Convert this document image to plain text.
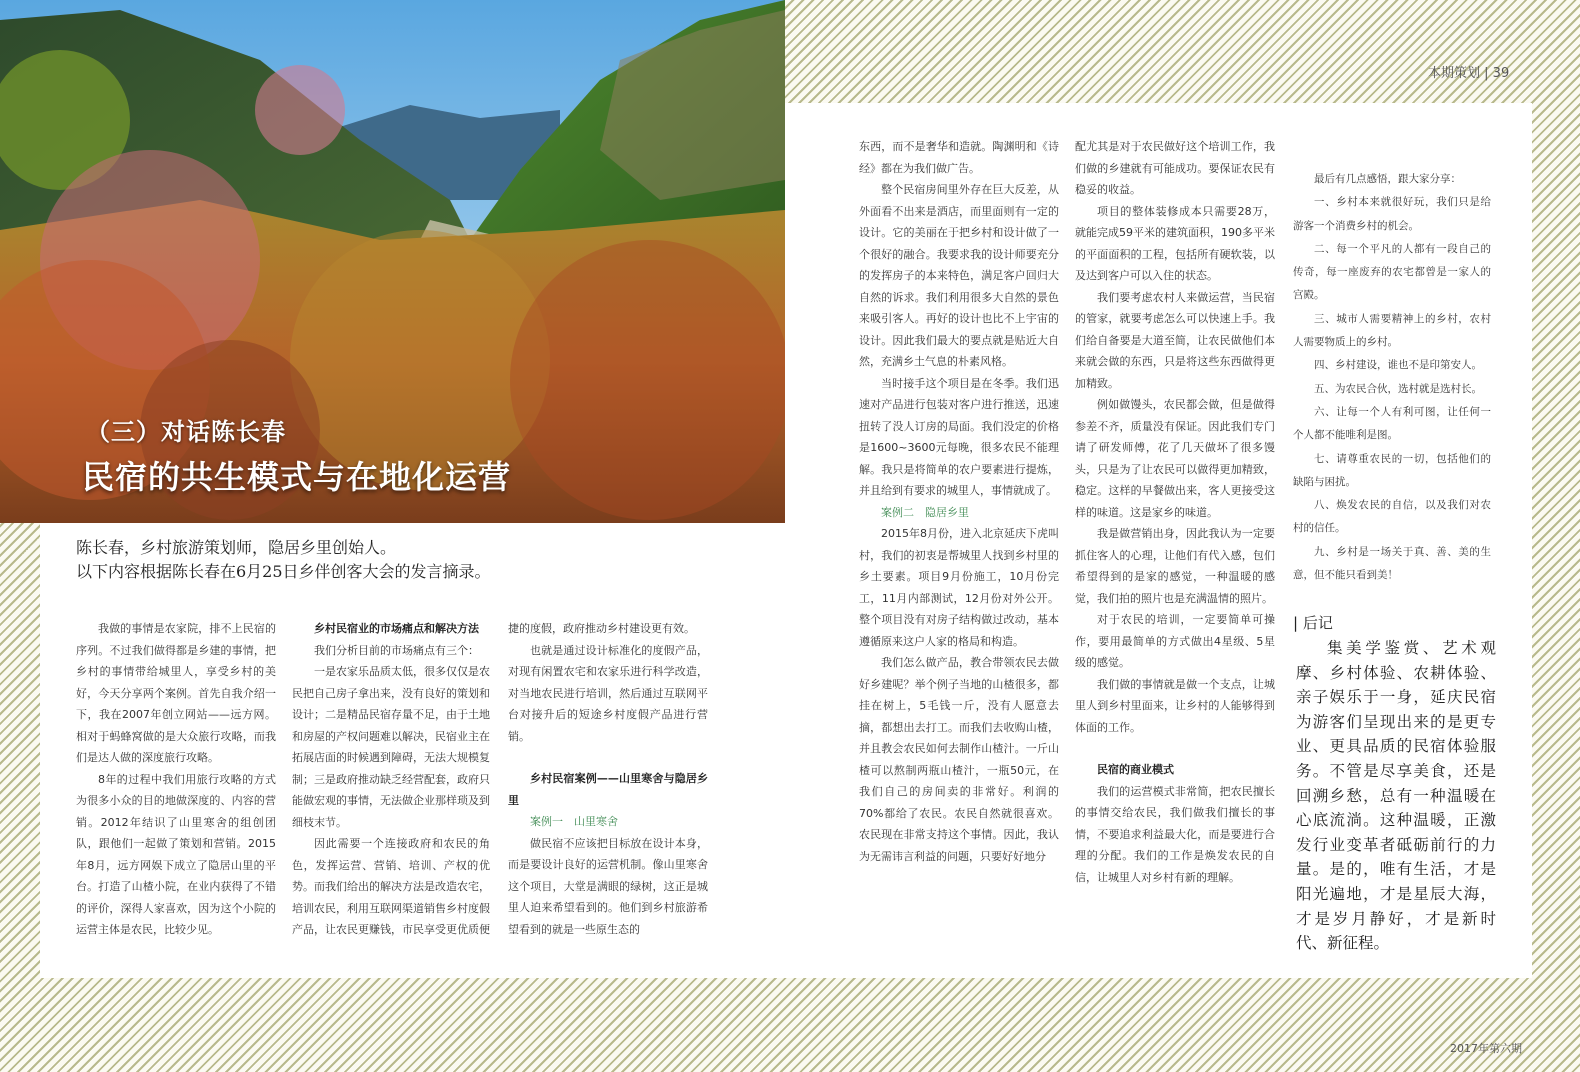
（三）对话陈长春
民宿的共生模式与在地化运营
本期策划 | 39

陈长春，乡村旅游策划师，隐居乡里创始人。

以下内容根据陈长春在6月25日乡伴创客大会的发言摘录。

我做的事情是农家院，排不上民宿的序列。不过我们做得都是乡建的事情，把乡村的事情带给城里人，享受乡村的美好，今天分享两个案例。首先自我介绍一下，我在2007年创立网站——远方网。相对于蚂蜂窝做的是大众旅行攻略，而我们是达人做的深度旅行攻略。

8年的过程中我们用旅行攻略的方式为很多小众的目的地做深度的、内容的营销。2012年结识了山里寒舍的组创团队，跟他们一起做了策划和营销。2015年8月，远方网娱下成立了隐居山里的平台。打造了山楂小院，在业内获得了不错的评价，深得人家喜欢，因为这个小院的运营主体是农民，比较少见。

乡村民宿业的市场痛点和解决方法

我们分析目前的市场痛点有三个：

一是农家乐品质太低，很多仅仅是农民把自己房子拿出来，没有良好的策划和设计；二是精品民宿存量不足，由于土地和房屋的产权问题难以解决，民宿业主在拓展店面的时候遇到障碍，无法大规模复制；三是政府推动缺乏经营配套，政府只能做宏观的事情，无法做企业那样琐及到细枝末节。

因此需要一个连接政府和农民的角色，发挥运营、营销、培训、产权的优势。而我们给出的解决方法是改造农宅，培训农民，利用互联网渠道销售乡村度假产品，让农民更赚钱，市民享受更优质便

捷的度假，政府推动乡村建设更有效。

也就是通过设计标准化的度假产品，对现有闲置农宅和农家乐进行科学改造，对当地农民进行培训，然后通过互联网平台对接升后的短途乡村度假产品进行营销。

乡村民宿案例——山里寒舍与隐居乡里

案例一　山里寒舍

做民宿不应该把目标放在设计本身，而是要设计良好的运营机制。像山里寒舍这个项目，大堂是满眼的绿树，这正是城里人迫来希望看到的。他们到乡村旅游希望看到的就是一些原生态的

东西，而不是奢华和造就。陶渊明和《诗经》都在为我们做广告。

整个民宿房间里外存在巨大反差，从外面看不出来是酒店，而里面则有一定的设计。它的美丽在于把乡村和设计做了一个很好的融合。我要求我的设计师要充分的发挥房子的本来特色，满足客户回归大自然的诉求。我们利用很多大自然的景色来吸引客人。再好的设计也比不上宇宙的设计。因此我们最大的要点就是贴近大自然，充满乡土气息的朴素风格。

当时接手这个项目是在冬季。我们迅速对产品进行包装对客户进行推送，迅速扭转了没人订房的局面。我们没定的价格是1600~3600元每晚，很多农民不能理解。我只是将简单的农户要素进行提炼，并且给到有要求的城里人，事情就成了。

案例二　隐居乡里

2015年8月份，进入北京延庆下虎叫村，我们的初衷是帮城里人找到乡村里的乡土要素。项目9月份施工，10月份完工，11月内部测试，12月份对外公开。整个项目没有对房子结构做过改动，基本遵循原来这户人家的格局和构造。

我们怎么做产品，教合带领农民去做好乡建呢？举个例子当地的山楂很多，都挂在树上，5毛钱一斤，没有人愿意去摘，都想出去打工。而我们去收购山楂，并且教会农民如何去制作山楂汁。一斤山楂可以熬制两瓶山楂汁，一瓶50元，在我们自己的房间卖的非常好。利润的70%都给了农民。农民自然就很喜欢。农民现在非常支持这个事情。因此，我认为无需讳言利益的问题，只要好好地分

配尤其是对于农民做好这个培训工作，我们做的乡建就有可能成功。要保证农民有稳妥的收益。

项目的整体装修成本只需要28万，就能完成59平米的建筑面积，190多平米的平面面积的工程，包括所有硬软装，以及达到客户可以入住的状态。

我们要考虑农村人来做运营，当民宿的管家，就要考虑怎么可以快速上手。我们给自备要是大道至简，让农民做他们本来就会做的东西，只是将这些东西做得更加精致。

例如做馒头，农民都会做，但是做得参差不齐，质量没有保证。因此我们专门请了研发师傅，花了几天做坏了很多馒头，只是为了让农民可以做得更加精致，稳定。这样的早餐做出来，客人更接受这样的味道。这是家乡的味道。

我是做营销出身，因此我认为一定要抓住客人的心理，让他们有代入感，包们希望得到的是家的感觉，一种温暖的感觉，我们拍的照片也是充满温情的照片。

对于农民的培训，一定要简单可操作，要用最简单的方式做出4星级、5星级的感觉。

我们做的事情就是做一个支点，让城里人到乡村里面来，让乡村的人能够得到体面的工作。

民宿的商业模式

我们的运营模式非常简，把农民擅长的事情交给农民，我们做我们擅长的事情，不要追求利益最大化，而是要进行合理的分配。我们的工作是焕发农民的自信，让城里人对乡村有新的理解。

最后有几点感悟，跟大家分享：

一、乡村本来就很好玩，我们只是给游客一个消费乡村的机会。

二、每一个平凡的人都有一段自己的传奇，每一座废弃的农宅都曾是一家人的宫殿。

三、城市人需要精神上的乡村，农村人需要物质上的乡村。

四、乡村建设，谁也不是印第安人。

五、为农民合伙，选村就是选村长。

六、让每一个人有利可图，让任何一个人都不能唯利是图。

七、请尊重农民的一切，包括他们的缺陷与困扰。

八、焕发农民的自信，以及我们对农村的信任。

九、乡村是一场关于真、善、美的生意，但不能只看到美！

| 后记

集美学鉴赏、艺术观摩、乡村体验、农耕体验、亲子娱乐于一身，延庆民宿为游客们呈现出来的是更专业、更具品质的民宿体验服务。不管是尽享美食，还是回溯乡愁，总有一种温暖在心底流淌。这种温暖，正激发行业变革者砥砺前行的力量。是的，唯有生活，才是阳光遍地，才是星辰大海，才是岁月静好，才是新时代、新征程。

2017年第六期
